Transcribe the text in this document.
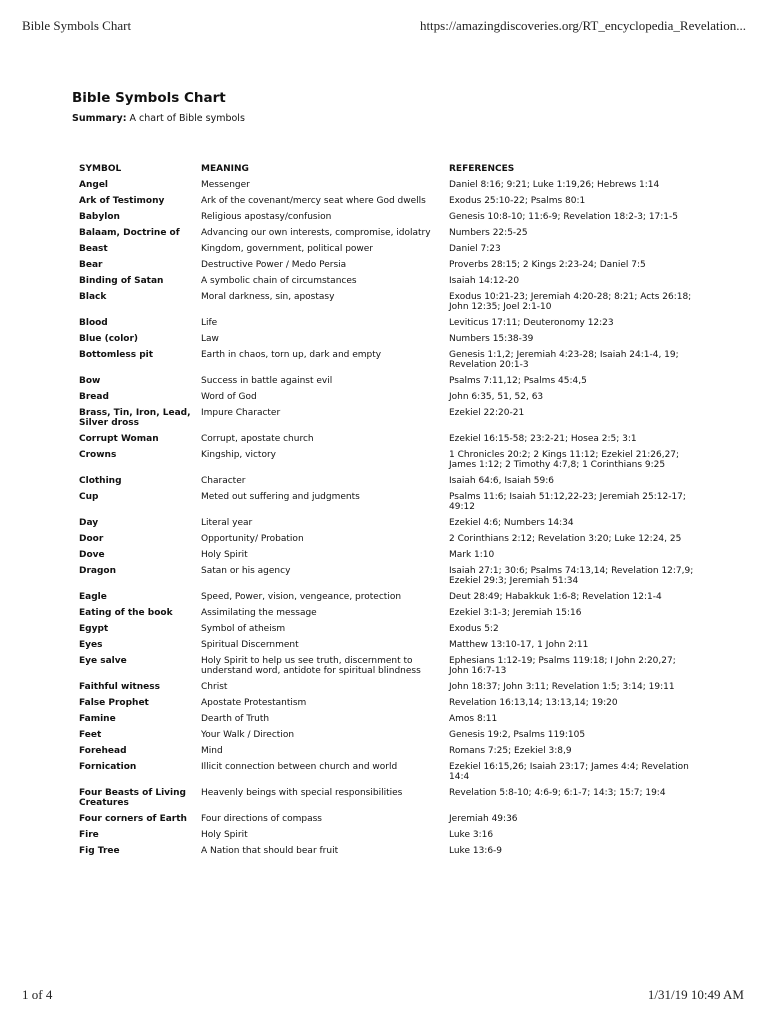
Bible Symbols Chart	https://amazingdiscoveries.org/RT_encyclopedia_Revelation...
Bible Symbols Chart
Summary: A chart of Bible symbols
SYMBOL	MEANING	REFERENCES
Angel	Messenger	Daniel 8:16; 9:21; Luke 1:19,26; Hebrews 1:14
Ark of Testimony	Ark of the covenant/mercy seat where God dwells	Exodus 25:10-22; Psalms 80:1
Babylon	Religious apostasy/confusion	Genesis 10:8-10; 11:6-9; Revelation 18:2-3; 17:1-5
Balaam, Doctrine of	Advancing our own interests, compromise, idolatry	Numbers 22:5-25
Beast	Kingdom, government, political power	Daniel 7:23
Bear	Destructive Power / Medo Persia	Proverbs 28:15; 2 Kings 2:23-24; Daniel 7:5
Binding of Satan	A symbolic chain of circumstances	Isaiah 14:12-20
Black	Moral darkness, sin, apostasy	Exodus 10:21-23; Jeremiah 4:20-28; 8:21; Acts 26:18; John 12:35; Joel 2:1-10
Blood	Life	Leviticus 17:11; Deuteronomy 12:23
Blue (color)	Law	Numbers 15:38-39
Bottomless pit	Earth in chaos, torn up, dark and empty	Genesis 1:1,2; Jeremiah 4:23-28; Isaiah 24:1-4, 19; Revelation 20:1-3
Bow	Success in battle against evil	Psalms 7:11,12; Psalms 45:4,5
Bread	Word of God	John 6:35, 51, 52, 63
Brass, Tin, Iron, Lead, Silver dross	Impure Character	Ezekiel 22:20-21
Corrupt Woman	Corrupt, apostate church	Ezekiel 16:15-58; 23:2-21; Hosea 2:5; 3:1
Crowns	Kingship, victory	1 Chronicles 20:2; 2 Kings 11:12; Ezekiel 21:26,27; James 1:12; 2 Timothy 4:7,8; 1 Corinthians 9:25
Clothing	Character	Isaiah 64:6, Isaiah 59:6
Cup	Meted out suffering and judgments	Psalms 11:6; Isaiah 51:12,22-23; Jeremiah 25:12-17; 49:12
Day	Literal year	Ezekiel 4:6; Numbers 14:34
Door	Opportunity/ Probation	2 Corinthians 2:12; Revelation 3:20; Luke 12:24, 25
Dove	Holy Spirit	Mark 1:10
Dragon	Satan or his agency	Isaiah 27:1; 30:6; Psalms 74:13,14; Revelation 12:7,9; Ezekiel 29:3; Jeremiah 51:34
Eagle	Speed, Power, vision, vengeance, protection	Deut 28:49; Habakkuk 1:6-8; Revelation 12:1-4
Eating of the book	Assimilating the message	Ezekiel 3:1-3; Jeremiah 15:16
Egypt	Symbol of atheism	Exodus 5:2
Eyes	Spiritual Discernment	Matthew 13:10-17, 1 John 2:11
Eye salve	Holy Spirit to help us see truth, discernment to understand word, antidote for spiritual blindness	Ephesians 1:12-19; Psalms 119:18; I John 2:20,27; John 16:7-13
Faithful witness	Christ	John 18:37; John 3:11; Revelation 1:5; 3:14; 19:11
False Prophet	Apostate Protestantism	Revelation 16:13,14; 13:13,14; 19:20
Famine	Dearth of Truth	Amos 8:11
Feet	Your Walk / Direction	Genesis 19:2, Psalms 119:105
Forehead	Mind	Romans 7:25; Ezekiel 3:8,9
Fornication	Illicit connection between church and world	Ezekiel 16:15,26; Isaiah 23:17; James 4:4; Revelation 14:4
Four Beasts of Living Creatures	Heavenly beings with special responsibilities	Revelation 5:8-10; 4:6-9; 6:1-7; 14:3; 15:7; 19:4
Four corners of Earth	Four directions of compass	Jeremiah 49:36
Fire	Holy Spirit	Luke 3:16
Fig Tree	A Nation that should bear fruit	Luke 13:6-9
1 of 4	1/31/19 10:49 AM
